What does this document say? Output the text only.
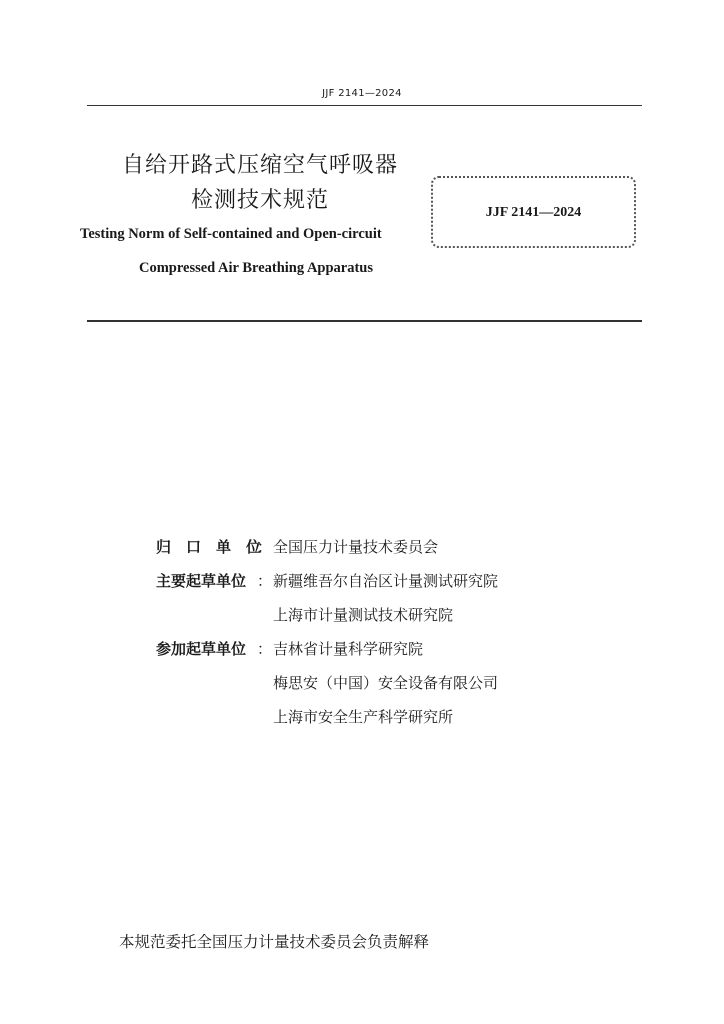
JJF 2141—2024
自给开路式压缩空气呼吸器
检测技术规范	JJF 2141—2024
Testing Norm of Self-contained and Open-circuit
Compressed Air Breathing Apparatus
归　口　单　位
： 全国压力计量技术委员会
主要起草单位 ： 新疆维吾尔自治区计量测试研究院
上海市计量测试技术研究院
参加起草单位 ： 吉林省计量科学研究院
梅思安（中国）安全设备有限公司
上海市安全生产科学研究所
本规范委托全国压力计量技术委员会负责解释
